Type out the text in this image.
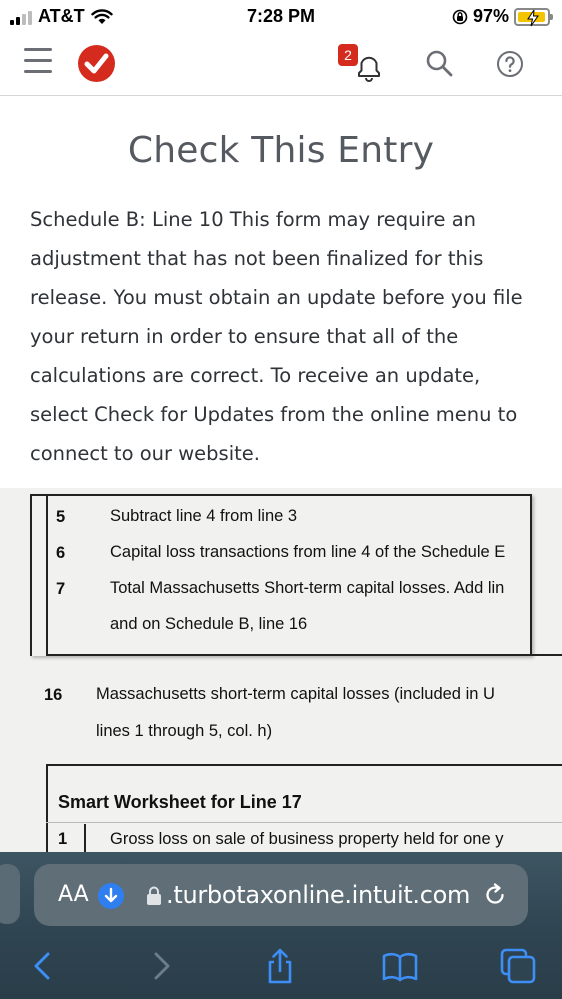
AT&T	7:28 PM	97%
2
Check This Entry

Schedule B: Line 10 This form may require an adjustment that has not been finalized for this release. You must obtain an update before you file your return in order to ensure that all of the calculations are correct. To receive an update, select Check for Updates from the online menu to connect to our website.

5	Subtract line 4 from line 3
6	Capital loss transactions from line 4 of the Schedule E
7	Total Massachusetts Short-term capital losses. Add lin
and on Schedule B, line 16
16 Massachusetts short-term capital losses (included in U
lines 1 through 5, col. h)
Smart Worksheet for Line 17
1	Gross loss on sale of business property held for one y
AA	​.turbotaxonline.intuit.com
